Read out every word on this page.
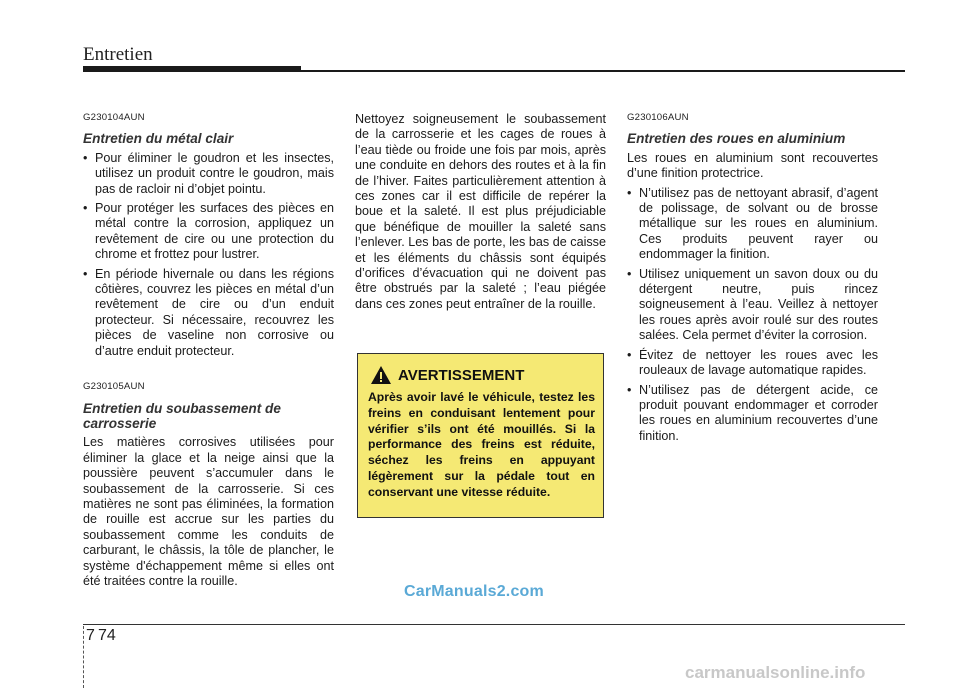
Entretien
G230104AUN
Entretien du métal clair
• Pour éliminer le goudron et les insectes, utilisez un produit contre le goudron, mais pas de racloir ni d’objet pointu.
• Pour protéger les surfaces des pièces en métal contre la corrosion, appliquez un revêtement de cire ou une protection du chrome et frottez pour lustrer.
• En période hivernale ou dans les régions côtières, couvrez les pièces en métal d’un revêtement de cire ou d’un enduit protecteur. Si nécessaire, recouvrez les pièces de vaseline non corrosive ou d’autre enduit protecteur.
G230105AUN
Entretien du soubassement de carrosserie

Les matières corrosives utilisées pour éliminer la glace et la neige ainsi que la poussière peuvent s’accumuler dans le soubassement de la carrosserie. Si ces matières ne sont pas éliminées, la formation de rouille est accrue sur les parties du soubassement comme les conduits de carburant, le châssis, la tôle de plancher, le système d'échappement même si elles ont été traitées contre la rouille.

Nettoyez soigneusement le soubassement de la carrosserie et les cages de roues à l’eau tiède ou froide une fois par mois, après une conduite en dehors des routes et à la fin de l’hiver. Faites particulièrement attention à ces zones car il est difficile de repérer la boue et la saleté. Il est plus préjudiciable que bénéfique de mouiller la saleté sans l’enlever. Les bas de porte, les bas de caisse et les éléments du châssis sont équipés d’orifices d’évacuation qui ne doivent pas être obstrués par la saleté ; l’eau piégée dans ces zones peut entraîner de la rouille.

AVERTISSEMENT
Après avoir lavé le véhicule, testez les freins en conduisant lentement pour vérifier s’ils ont été mouillés. Si la performance des freins est réduite, séchez les freins en appuyant légèrement sur la pédale tout en conservant une vitesse réduite.
G230106AUN
Entretien des roues en aluminium

Les roues en aluminium sont recouvertes d’une finition protectrice.

• N’utilisez pas de nettoyant abrasif, d’agent de polissage, de solvant ou de brosse métallique sur les roues en aluminium. Ces produits peuvent rayer ou endommager la finition.
• Utilisez uniquement un savon doux ou du détergent neutre, puis rincez soigneusement à l’eau. Veillez à nettoyer les roues après avoir roulé sur des routes salées. Cela permet d’éviter la corrosion.
• Évitez de nettoyer les roues avec les rouleaux de lavage automatique rapides.
• N’utilisez pas de détergent acide, ce produit pouvant endommager et corroder les roues en aluminium recouvertes d’une finition.
CarManuals2.com
7 74
carmanualsonline.info
